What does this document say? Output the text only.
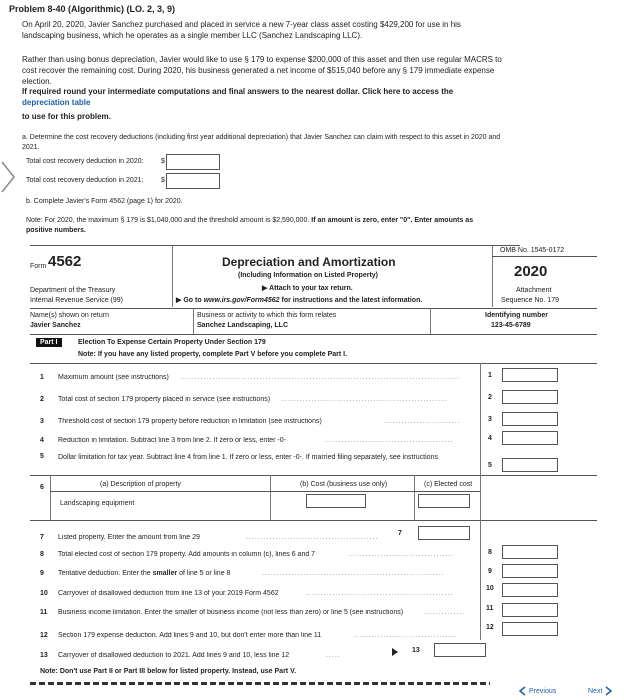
Problem 8-40 (Algorithmic) (LO. 2, 3, 9)
On April 20, 2020, Javier Sanchez purchased and placed in service a new 7-year class asset costing $429,200 for use in his landscaping business, which he operates as a single member LLC (Sanchez Landscaping LLC).
Rather than using bonus depreciation, Javier would like to use § 179 to expense $200,000 of this asset and then use regular MACRS to cost recover the remaining cost. During 2020, his business generated a net income of $515,040 before any § 179 immediate expense election.
If required round your intermediate computations and final answers to the nearest dollar. Click here to access the depreciation table
to use for this problem.
a. Determine the cost recovery deductions (including first year additional depreciation) that Javier Sanchez can claim with respect to this asset in 2020 and 2021.
Total cost recovery deduction in 2020: $
Total cost recovery deduction in 2021: $
b. Complete Javier's Form 4562 (page 1) for 2020.
Note: For 2020, the maximum § 179 is $1,040,000 and the threshold amount is $2,590,000. If an amount is zero, enter "0". Enter amounts as positive numbers.
Form 4562
Department of the Treasury
Internal Revenue Service (99)
Depreciation and Amortization
(Including Information on Listed Property)
▶ Attach to your tax return.
▶ Go to www.irs.gov/Form4562 for instructions and the latest information.
OMB No. 1545-0172
2020
Attachment
Sequence No. 179
Name(s) shown on return
Javier Sanchez
Business or activity to which this form relates
Sanchez Landscaping, LLC
Identifying number
123-45-6789
Part I	Election To Expense Certain Property Under Section 179
Note: If you have any listed property, complete Part V before you complete Part I.
1 Maximum amount (see instructions)	...............................................................................................	1
2 Total cost of section 179 property placed in service (see instructions)	........................................................	2
3 Threshold cost of section 179 property before reduction in limitation (see instructions)	..........................	3
4 Reduction in limitation. Subtract line 3 from line 2. If zero or less, enter -0-	............................................	4
5 Dollar limitation for tax year. Subtract line 4 from line 1. If zero or less, enter -0-. If married filing separately, see instructions
5
6	(a) Description of property	(b) Cost (business use only)	(c) Elected cost
Landscaping equipment
7 Listed property. Enter the amount from line 29	.............................................
7
8 Total elected cost of section 179 property. Add amounts in column (c), lines 6 and 7	....................................	8
9 Tentative deduction. Enter the smaller of line 5 or line 8	..............................................................	9
10 Carryover of disallowed deduction from line 13 of your 2019 Form 4562	..................................................
10
11 Business income limitation. Enter the smaller of business income (not less than zero) or line 5 (see instructions)	..............
11
12 Section 179 expense deduction. Add lines 9 and 10, but don't enter more than line 11	...................................
12
13 Carryover of disallowed deduction to 2021. Add lines 9 and 10, less line 12	.....
13
Note: Don't use Part II or Part III below for listed property. Instead, use Part V.
Previous	Next
